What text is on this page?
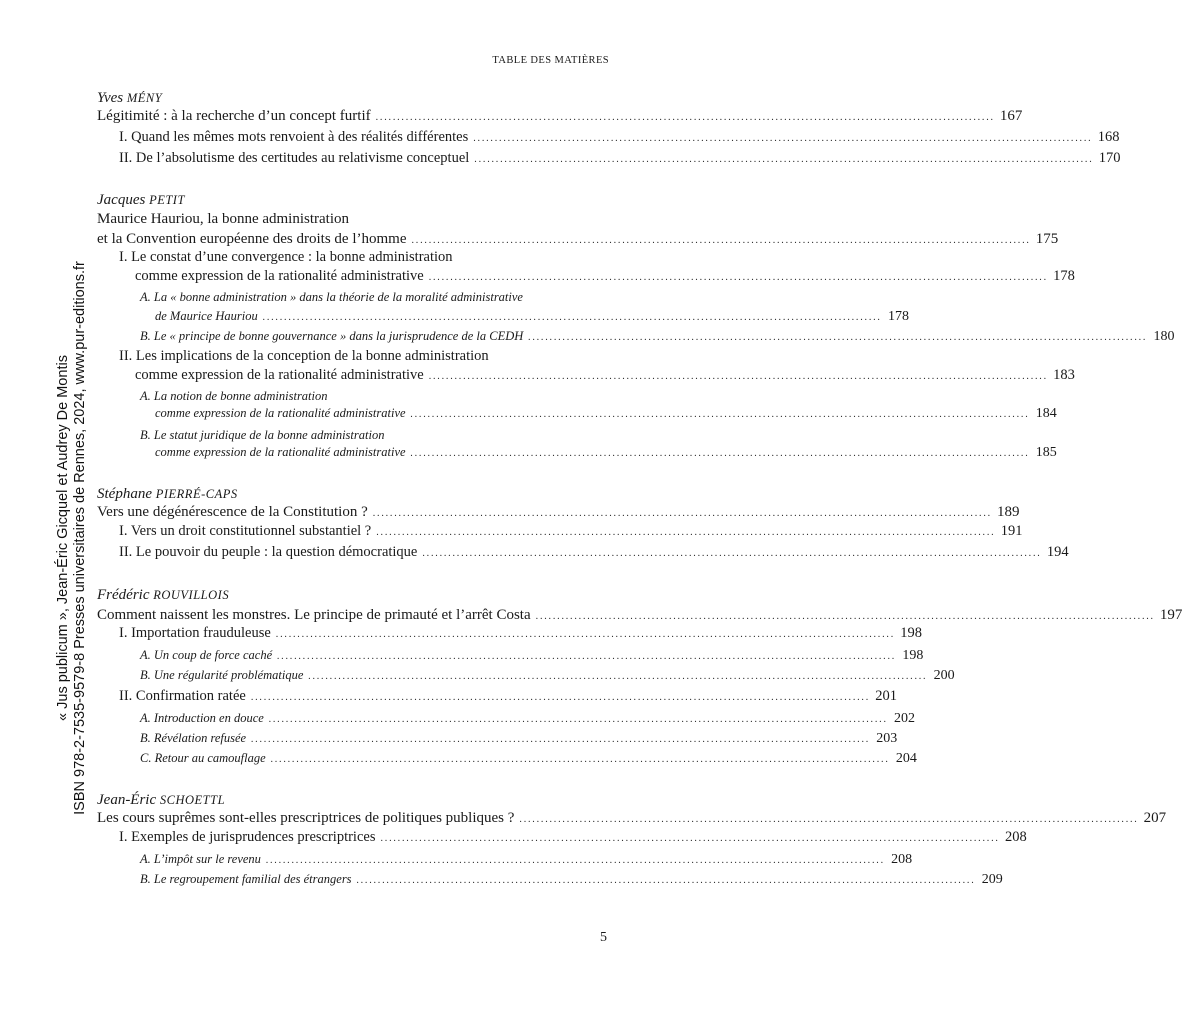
TABLE DES MATIÈRES
Yves MÉNY
Légitimité : à la recherche d’un concept furtif ................................................................................................................................................ 167
I. Quand les mêmes mots renvoient à des réalités différentes ................................................................................................................................................ 168
II. De l’absolutisme des certitudes au relativisme conceptuel ................................................................................................................................................ 170
Jacques PETIT
Maurice Hauriou, la bonne administration
et la Convention européenne des droits de l’homme ................................................................................................................................................ 175
I. Le constat d’une convergence : la bonne administration
comme expression de la rationalité administrative ................................................................................................................................................ 178
A. La « bonne administration » dans la théorie de la moralité administrative
de Maurice Hauriou ................................................................................................................................................ 178
B. Le « principe de bonne gouvernance » dans la jurisprudence de la CEDH ................................................................................................................................................ 180
II. Les implications de la conception de la bonne administration
comme expression de la rationalité administrative ................................................................................................................................................ 183
A. La notion de bonne administration
comme expression de la rationalité administrative ................................................................................................................................................ 184
B. Le statut juridique de la bonne administration
comme expression de la rationalité administrative ................................................................................................................................................ 185
Stéphane PIERRÉ-CAPS
Vers une dégénérescence de la Constitution ? ................................................................................................................................................ 189
I. Vers un droit constitutionnel substantiel ? ................................................................................................................................................ 191
II. Le pouvoir du peuple : la question démocratique ................................................................................................................................................ 194
Frédéric ROUVILLOIS
Comment naissent les monstres. Le principe de primauté et l’arrêt Costa ................................................................................................................................................ 197
I. Importation frauduleuse ................................................................................................................................................ 198
A. Un coup de force caché ................................................................................................................................................ 198
B. Une régularité problématique ................................................................................................................................................ 200
II. Confirmation ratée ................................................................................................................................................ 201
A. Introduction en douce ................................................................................................................................................ 202
B. Révélation refusée ................................................................................................................................................ 203
C. Retour au camouflage ................................................................................................................................................ 204
Jean-Éric SCHOETTL
Les cours suprêmes sont-elles prescriptrices de politiques publiques ? ................................................................................................................................................ 207
I. Exemples de jurisprudences prescriptrices ................................................................................................................................................ 208
A. L’impôt sur le revenu ................................................................................................................................................ 208
B. Le regroupement familial des étrangers ................................................................................................................................................ 209
5
« Jus publicum », Jean-Éric Gicquel et Audrey De Montis ISBN 978-2-7535-9579-8 Presses universitaires de Rennes, 2024, www.pur-editions.fr
